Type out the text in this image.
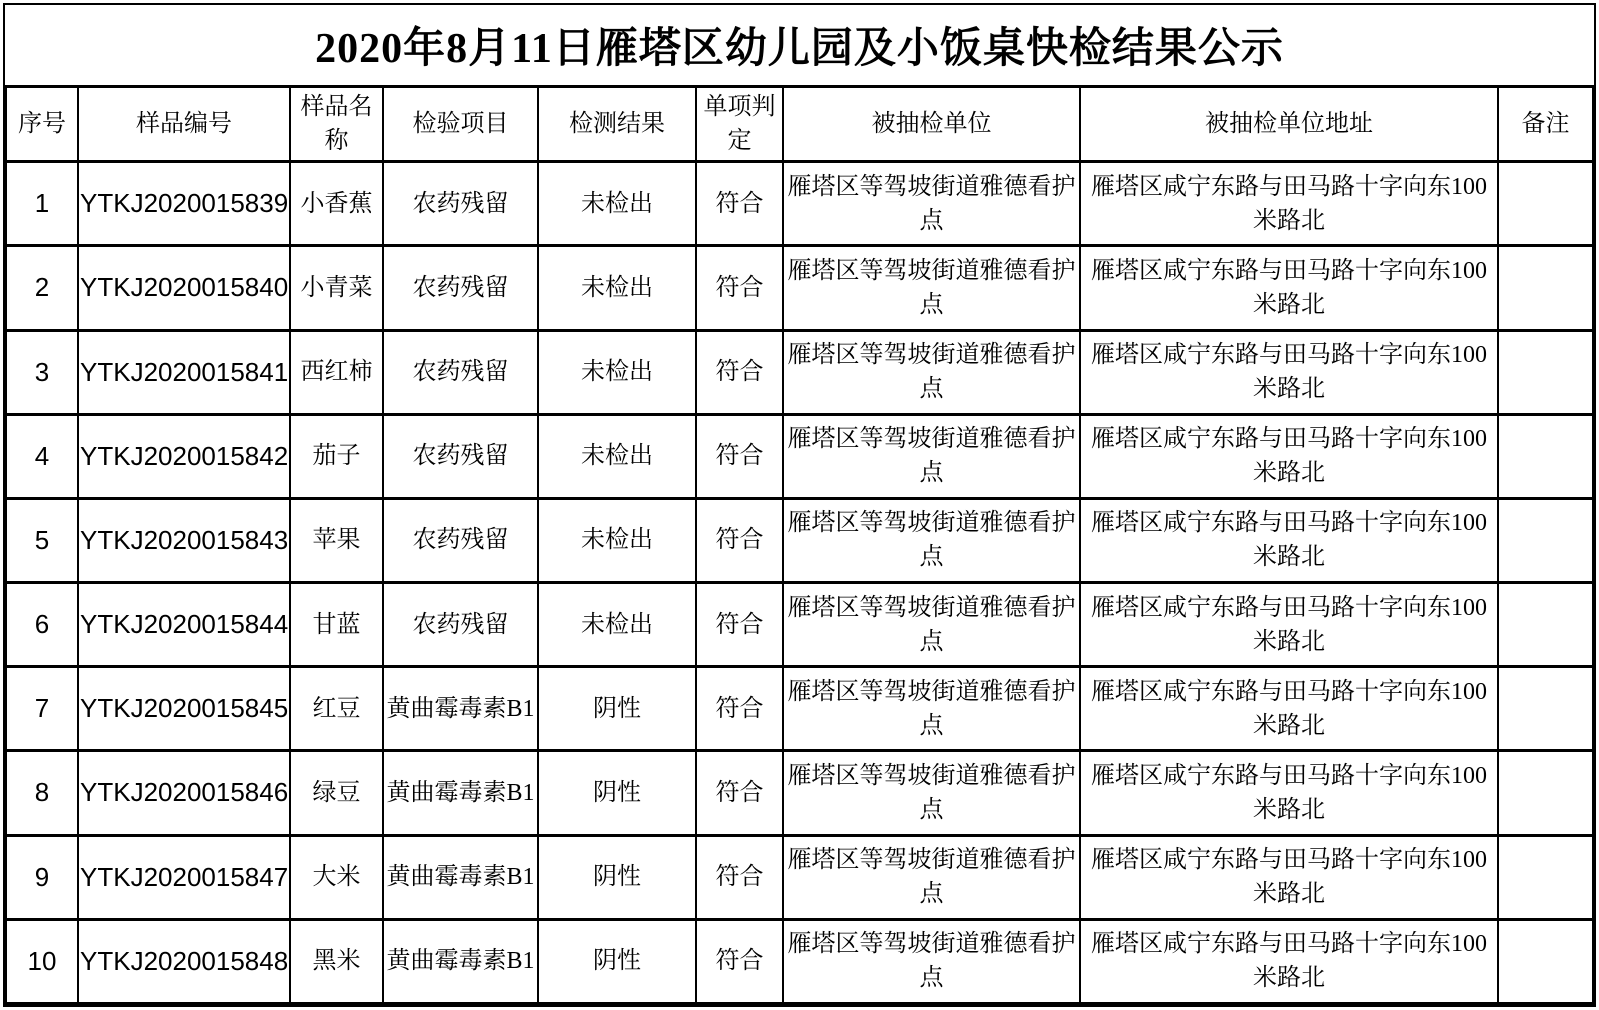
2020年8月11日雁塔区幼儿园及小饭桌快检结果公示
序号	样品编号	样品名称	检验项目	检测结果	单项判定	被抽检单位	被抽检单位地址	备注
1	YTKJ2020015839	小香蕉	农药残留	未检出	符合	雁塔区等驾坡街道雅德看护点	雁塔区咸宁东路与田马路十字向东100米路北	
2	YTKJ2020015840	小青菜	农药残留	未检出	符合	雁塔区等驾坡街道雅德看护点	雁塔区咸宁东路与田马路十字向东100米路北	
3	YTKJ2020015841	西红柿	农药残留	未检出	符合	雁塔区等驾坡街道雅德看护点	雁塔区咸宁东路与田马路十字向东100米路北	
4	YTKJ2020015842	茄子	农药残留	未检出	符合	雁塔区等驾坡街道雅德看护点	雁塔区咸宁东路与田马路十字向东100米路北	
5	YTKJ2020015843	苹果	农药残留	未检出	符合	雁塔区等驾坡街道雅德看护点	雁塔区咸宁东路与田马路十字向东100米路北	
6	YTKJ2020015844	甘蓝	农药残留	未检出	符合	雁塔区等驾坡街道雅德看护点	雁塔区咸宁东路与田马路十字向东100米路北	
7	YTKJ2020015845	红豆	黄曲霉毒素B1	阴性	符合	雁塔区等驾坡街道雅德看护点	雁塔区咸宁东路与田马路十字向东100米路北	
8	YTKJ2020015846	绿豆	黄曲霉毒素B1	阴性	符合	雁塔区等驾坡街道雅德看护点	雁塔区咸宁东路与田马路十字向东100米路北	
9	YTKJ2020015847	大米	黄曲霉毒素B1	阴性	符合	雁塔区等驾坡街道雅德看护点	雁塔区咸宁东路与田马路十字向东100米路北	
10	YTKJ2020015848	黑米	黄曲霉毒素B1	阴性	符合	雁塔区等驾坡街道雅德看护点	雁塔区咸宁东路与田马路十字向东100米路北	
